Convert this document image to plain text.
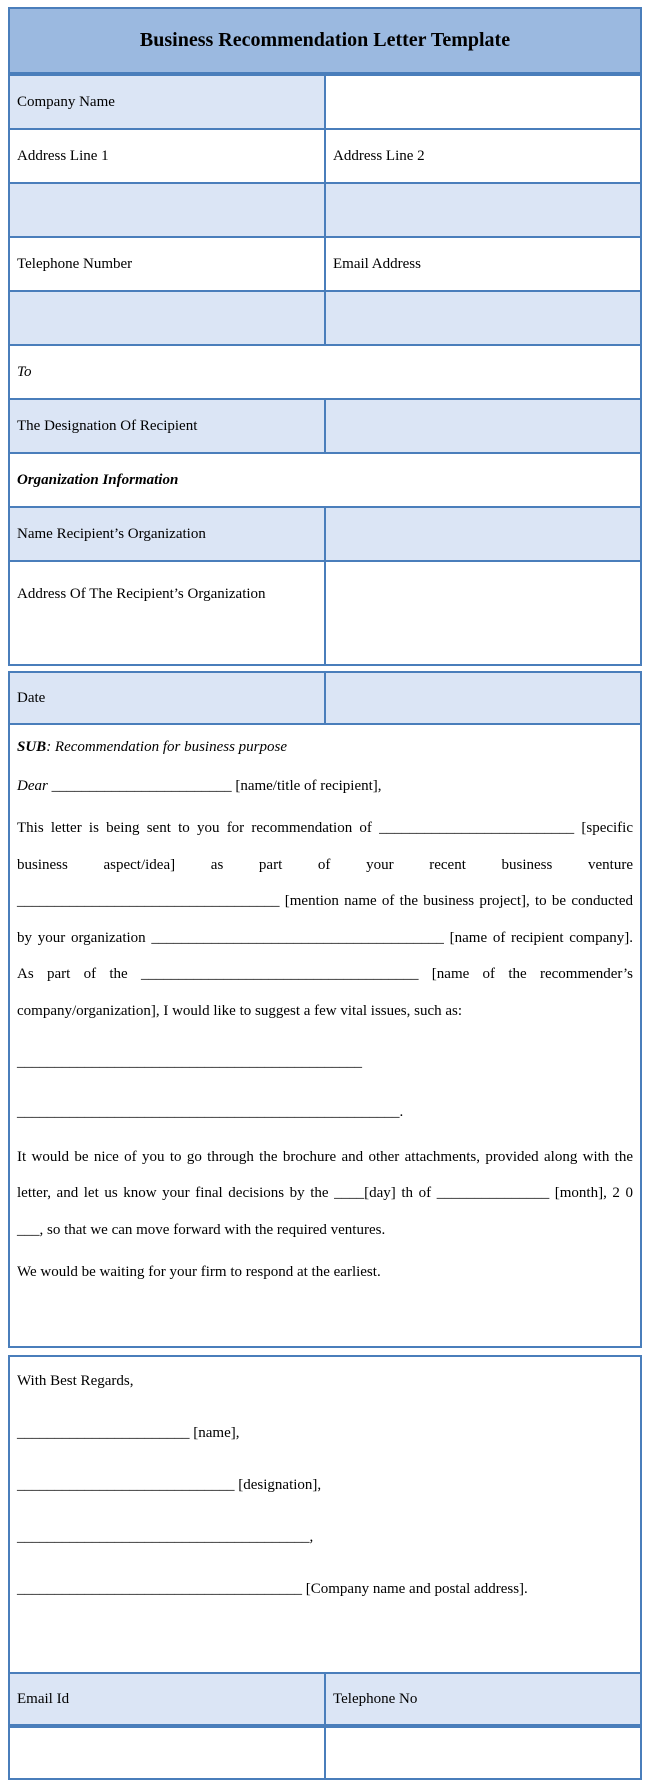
Business Recommendation Letter Template
Company Name
Address Line 1	Address Line 2
Telephone Number	Email Address
To
The Designation Of Recipient
Organization Information
Name Recipient’s Organization
Address Of The Recipient’s Organization
Date

SUB: Recommendation for business purpose

Dear ________________________ [name/title of recipient],

This letter is being sent to you for recommendation of __________________________ [specific business aspect/idea] as part of your recent business venture ___________________________________ [mention name of the business project], to be conducted by your organization _______________________________________ [name of recipient company]. As part of the _____________________________________ [name of the recommender’s company/organization], I would like to suggest a few vital issues, such as:

______________________________________________

___________________________________________________.

It would be nice of you to go through the brochure and other attachments, provided along with the letter, and let us know your final decisions by the ____[day] th of _______________ [month], 2 0 ___, so that we can move forward with the required ventures.

We would be waiting for your firm to respond at the earliest.

With Best Regards,

_______________________ [name],

_____________________________ [designation],

_______________________________________,

______________________________________ [Company name and postal address].

Email Id	Telephone No
